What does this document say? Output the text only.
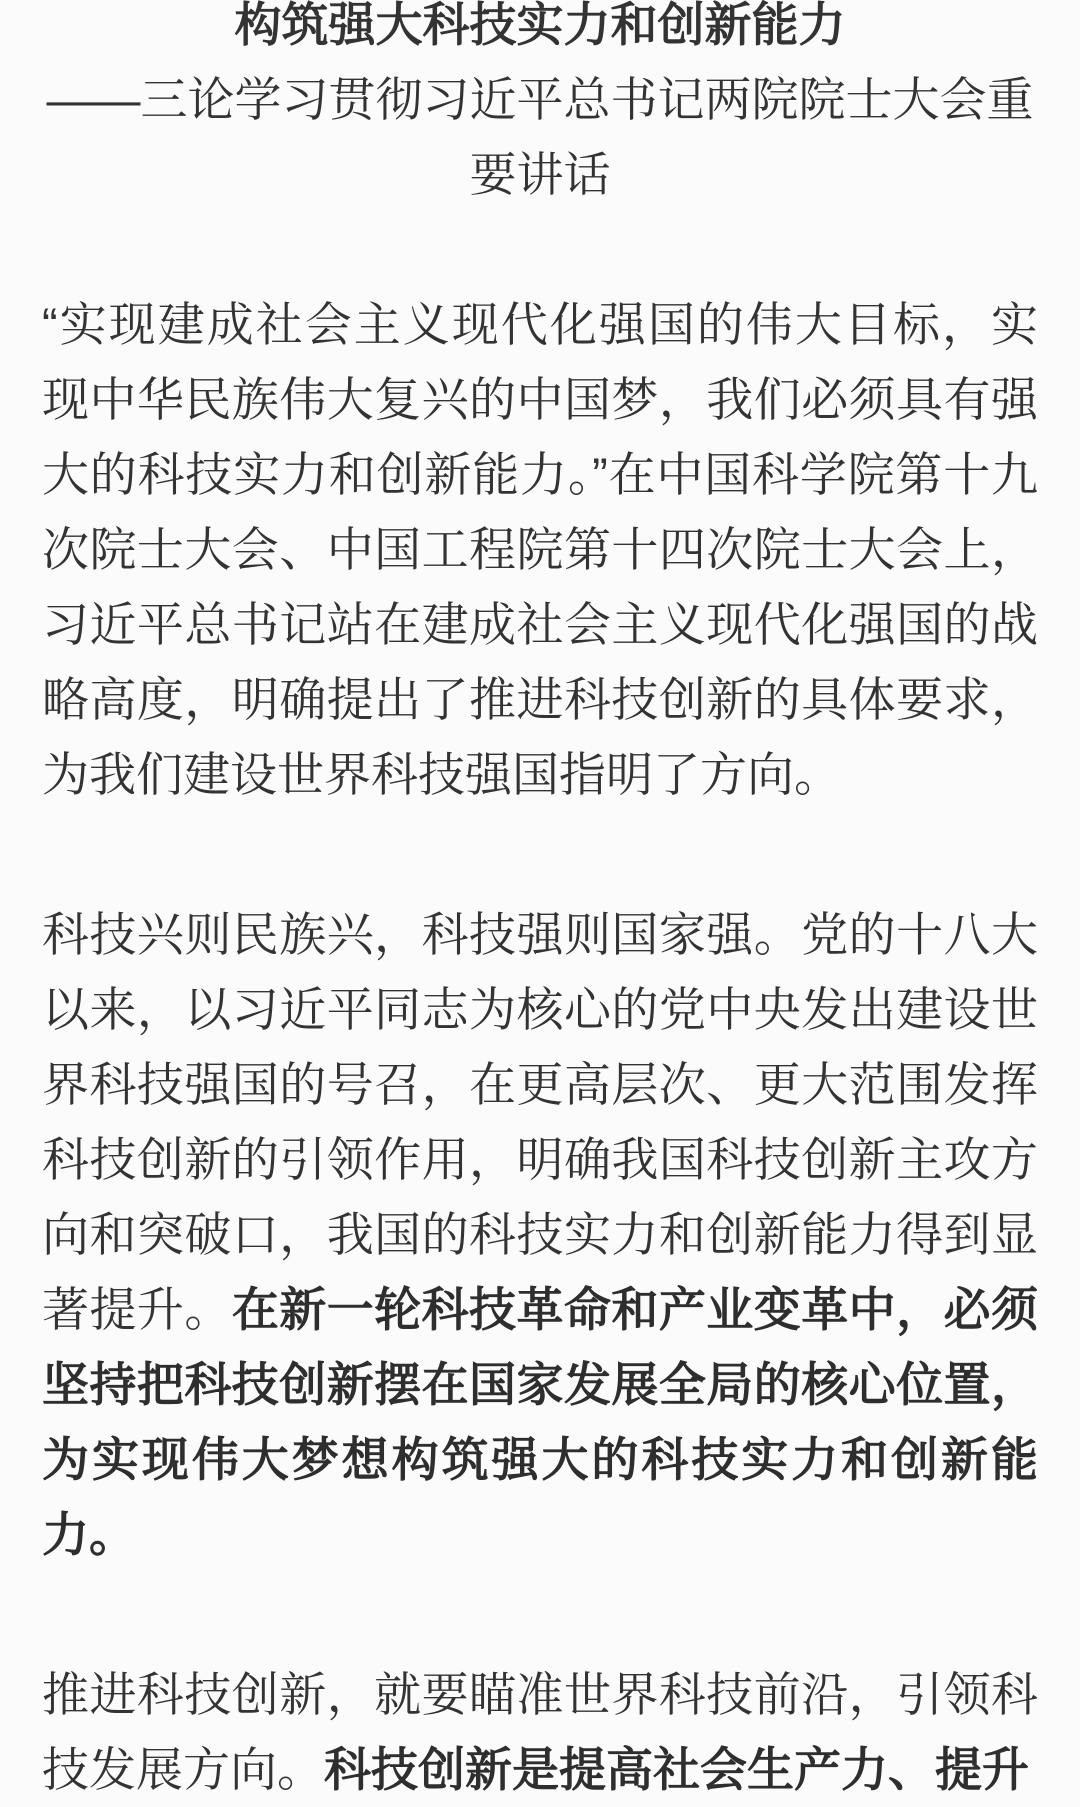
构筑强大科技实力和创新能力
——三论学习贯彻习近平总书记两院院士大会重要讲话

“实现建成社会主义现代化强国的伟大目标，实现中华民族伟大复兴的中国梦，我们必须具有强大的科技实力和创新能力。”在中国科学院第十九次院士大会、中国工程院第十四次院士大会上，习近平总书记站在建成社会主义现代化强国的战略高度，明确提出了推进科技创新的具体要求，为我们建设世界科技强国指明了方向。

科技兴则民族兴，科技强则国家强。党的十八大以来，以习近平同志为核心的党中央发出建设世界科技强国的号召，在更高层次、更大范围发挥科技创新的引领作用，明确我国科技创新主攻方向和突破口，我国的科技实力和创新能力得到显著提升。在新一轮科技革命和产业变革中，必须坚持把科技创新摆在国家发展全局的核心位置，为实现伟大梦想构筑强大的科技实力和创新能力。

推进科技创新，就要瞄准世界科技前沿，引领科技发展方向。科技创新是提高社会生产力、提升
